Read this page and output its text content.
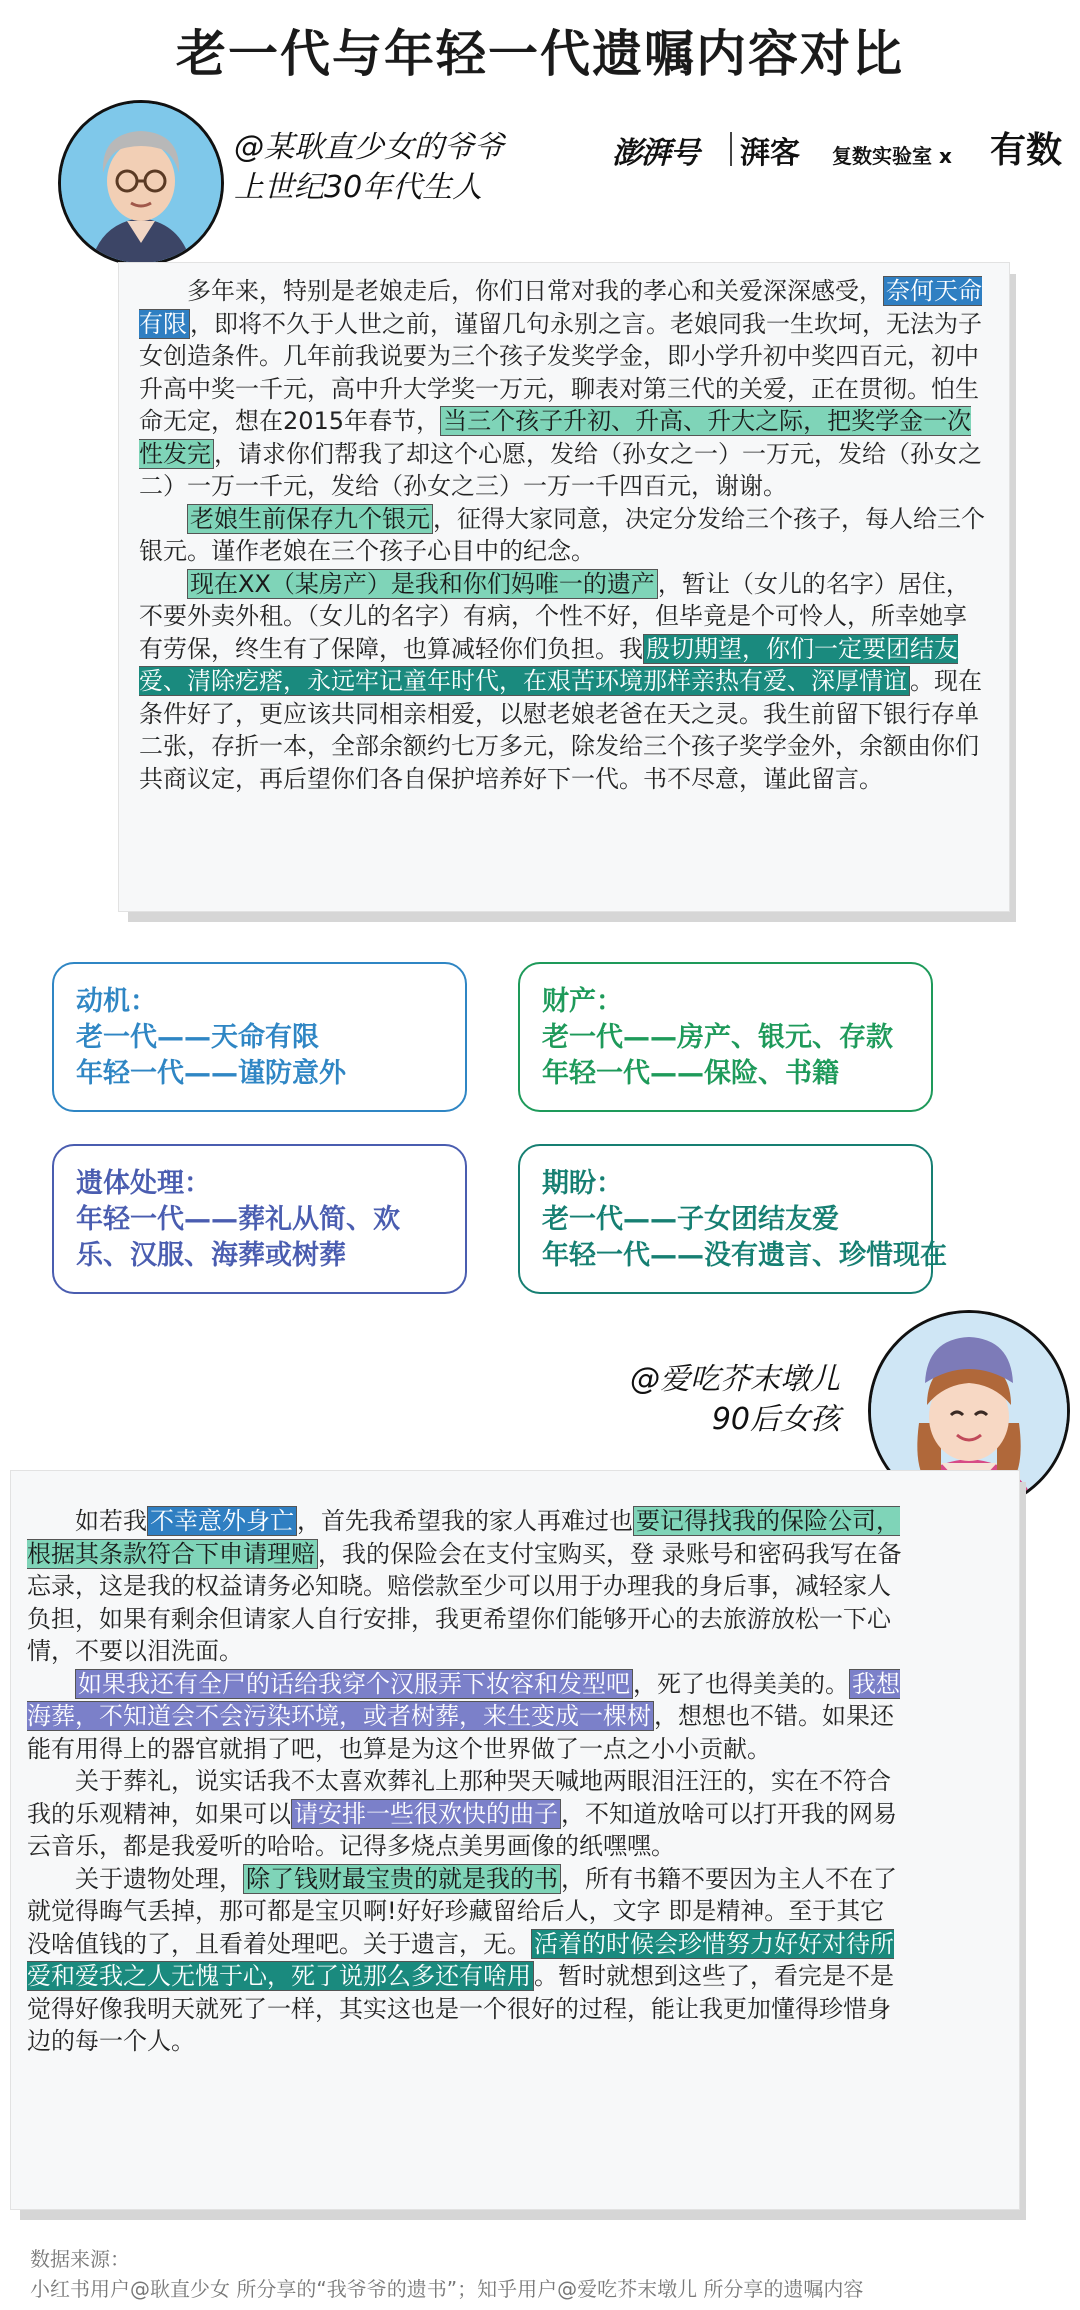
老一代与年轻一代遗嘱内容对比
@某耿直少女的爷爷
上世纪30年代生人
澎湃号 湃客 复数实验室 x 有数

多年来，特别是老娘走后，你们日常对我的孝心和关爱深深感受， 奈何天命有限 ，即将不久于人世之前，谨留几句永别之言。老娘同我一生坎坷，无法为子女创造条件。几年前我说要为三个孩子发奖学金，即小学升初中奖四百元，初中升高中奖一千元，高中升大学奖一万元，聊表对第三代的关爱，正在贯彻。怕生命无定，想在2015年春节， 当三个孩子升初、升高、升大之际，把奖学金一次性发完 ，请求你们帮我了却这个心愿，发给（孙女之一）一万元，发给（孙女之二）一万一千元，发给（孙女之三）一万一千四百元，谢谢。

老娘生前保存九个银元 ，征得大家同意，决定分发给三个孩子，每人给三个银元。谨作老娘在三个孩子心目中的纪念。

现在XX（某房产）是我和你们妈唯一的遗产 ，暂让（女儿的名字）居住，不要外卖外租。（女儿的名字）有病，个性不好，但毕竟是个可怜人，所幸她享有劳保，终生有了保障，也算减轻你们负担。我 殷切期望，你们一定要团结友爱、清除疙瘩，永远牢记童年时代，在艰苦环境那样亲热有爱、深厚情谊 。现在条件好了，更应该共同相亲相爱，以慰老娘老爸在天之灵。我生前留下银行存单二张，存折一本，全部余额约七万多元，除发给三个孩子奖学金外，余额由你们共商议定，再后望你们各自保护培养好下一代。书不尽意，谨此留言。

动机：
老一代——天命有限
年轻一代——谨防意外
财产：
老一代——房产、银元、存款
年轻一代——保险、书籍
遗体处理：
年轻一代——葬礼从简、欢乐、汉服、海葬或树葬
期盼：
老一代——子女团结友爱
年轻一代——没有遗言、珍惜现在
@爱吃芥末墩儿
90后女孩

如若我 不幸意外身亡 ，首先我希望我的家人再难过也 要记得找我的保险公司，根据其条款符合下申请理赔 ，我的保险会在支付宝购买，登 录账号和密码我写在备忘录，这是我的权益请务必知晓。赔偿款至少可以用于办理我的身后事，减轻家人负担，如果有剩余但请家人自行安排，我更希望你们能够开心的去旅游放松一下心情，不要以泪洗面。

如果我还有全尸的话给我穿个汉服弄下妆容和发型吧 ，死了也得美美的。 我想海葬，不知道会不会污染环境，或者树葬，来生变成一棵树 ，想想也不错。如果还能有用得上的器官就捐了吧，也算是为这个世界做了一点之小小贡献。

关于葬礼，说实话我不太喜欢葬礼上那种哭天喊地两眼泪汪汪的，实在不符合我的乐观精神，如果可以 请安排一些很欢快的曲子 ，不知道放啥可以打开我的网易云音乐，都是我爱听的哈哈。记得多烧点美男画像的纸嘿嘿。

关于遗物处理， 除了钱财最宝贵的就是我的书 ，所有书籍不要因为主人不在了就觉得晦气丢掉，那可都是宝贝啊!好好珍藏留给后人，文字 即是精神。至于其它没啥值钱的了，且看着处理吧。关于遗言，无。 活着的时候会珍惜努力好好对待所爱和爱我之人无愧于心，死了说那么多还有啥用 。暂时就想到这些了，看完是不是觉得好像我明天就死了一样，其实这也是一个很好的过程，能让我更加懂得珍惜身边的每一个人。

数据来源：
小红书用户@耿直少女 所分享的“我爷爷的遗书”；知乎用户@爱吃芥末墩儿 所分享的遗嘱内容
